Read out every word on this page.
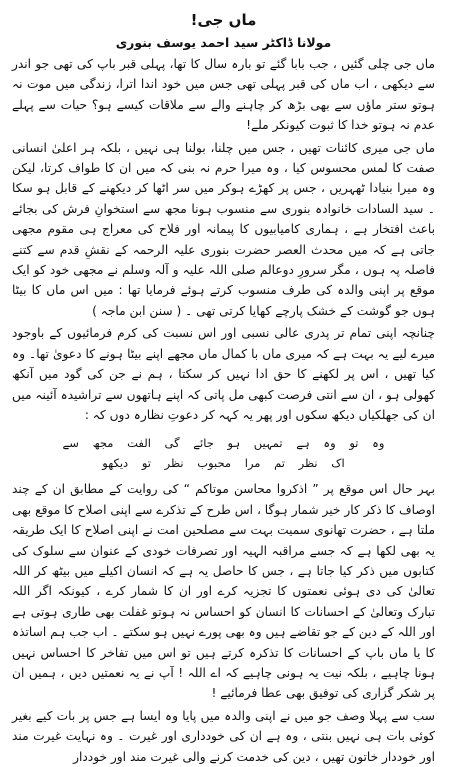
ماں جی!
مولانا ڈاکٹر سید احمد یوسف بنوری

ماں جی چلی گئیں ، جب بابا گئے تو بارہ سال کا تھا، پہلی قبر باپ کی تھی جو اندر سے دیکھی ، اب ماں کی قبر پہلی تھی جس میں خود اندا اترا، زندگی میں موت نہ ہوتو ستر ماؤں سے بھی بڑھ کر چاہنے والے سے ملاقات کیسے ہو؟ حیات سے پہلے عدم نہ ہوتو خدا کا ثبوت کیونکر ملے!

ماں جی میری کائنات تھیں ، جس میں چلنا، بولنا ہی نہیں ، بلکہ ہر اعلیٰ انسانی صفت کا لمس محسوس کیا ، وہ میرا حرم نہ بنی کہ میں ان کا طواف کرتا، لیکن وہ میرا بنیادا ٹھہریں ، جس پر کھڑے ہوکر میں سر اٹھا کر دیکھنے کے قابل ہو سکا ۔ سید السادات خانوادہ بنوری سے منسوب ہونا مجھ سے استخوانِ فرش کی بجائے باعث افتخار ہے ، ہماری کامیابیوں کا پیمانہ اور فلاح کی معراج ہی مقوم مجھی جاتی ہے کہ میں محدث العصر حضرت بنوری علیہ الرحمہ کے نقشِ قدم سے کتنے فاصلہ پہ ہوں ، مگر سرورِ دوعالم صلی اللہ علیہ و آلہ وسلم نے مجھی خود کو ایک موقع پر اپنی والدہ کی طرف منسوب کرتے ہوئے فرمایا تھا : میں اس ماں کا بیٹا ہوں جو گوشت کے خشک پارچے کھایا کرتی تھی ۔ ( سنن ابن ماجہ )

چنانچہ اپنی تمام تر پدری عالی نسبی اور اس نسبت کی کرم فرمائیوں کے باوجود میرے لیے یہ بہت ہے کہ میری ماں با کمال ماں مجھے اپنے بیٹا ہونے کا دعویٰ تھا۔ وہ کیا تھیں ، اس پر لکھنے کا حق ادا نہیں کر سکتا ، ہم نے جن کی گود میں آنکھ کھولی ہو ، ان سے انتی فرصت کبھی مل پاتی کہ اپنے ہاتھوں سے تراشیدہ آئینہ میں ان کی جھلکیاں دیکھ سکوں اور پھر یہ کہہ کر دعوتِ نظارہ دوں کہ :

وہ تو وہ ہے تمہیں ہو جائے گی الفت مجھ سے
اک نظر تم مرا محبوب نظر تو دیکھو

بہر حال اس موقع پر ” اذکروا محاسن موتاکم “ کی روایت کے مطابق ان کے چند اوصاف کا ذکر کار خیر شمار ہوگا ، اس طرح کے تذکرے سے اپنی اصلاح کا موقع بھی ملتا ہے ، حضرت تھانوی سمیت بہت سے مصلحین امت نے اپنی اصلاح کا ایک طریقہ یہ بھی لکھا ہے کہ جسے مراقبہ الہیہ اور تصرفات خودی کے عنوان سے سلوک کی کتابوں میں ذکر کیا جاتا ہے ، جس کا حاصل یہ ہے کہ انسان اکیلے میں بیٹھ کر اللہ تعالیٰ کی دی ہوئی نعمتوں کا تجزیہ کرے اور ان کا شمار کرے ، کیونکہ اگر اللہ تبارک وتعالیٰ کے احسانات کا انسان کو احساس نہ ہوتو غفلت بھی طاری ہوتی ہے اور اللہ کے دین کے جو تقاضے ہیں وہ بھی پورے نہیں ہو سکتے ۔ اب جب ہم اساتذہ کا یا ماں باپ کے احسانات کا تذکرہ کرتے ہیں تو اس میں تفاخر کا احساس نہیں ہونا چاہیے ، بلکہ نیت یہ ہونی چاہیے کہ اے اللہ ! آپ نے یہ نعمتیں دیں ، ہمیں ان پر شکر گزاری کی توفیق بھی عطا فرمائیے !

سب سے پہلا وصف جو میں نے اپنی والدہ میں پایا وہ ایسا ہے جس پر بات کیے بغیر کوئی بات ہی نہیں بنتی ، وہ ہے ان کی خودداری اور غیرت ۔ وہ نہایت غیرت مند اور خوددار خاتون تھیں ، دین کی خدمت کرنے والی غیرت مند اور خوددار
